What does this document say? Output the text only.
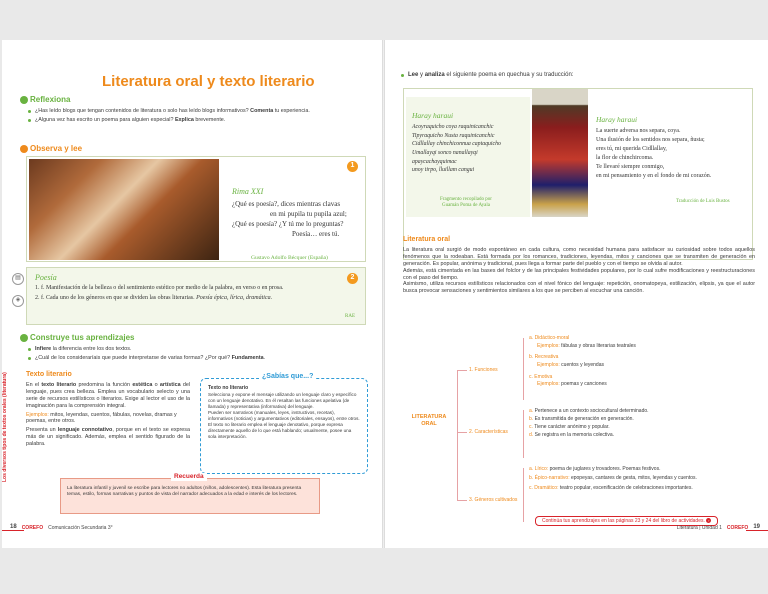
Literatura oral y texto literario
Reflexiona
¿Has leído blogs que tengan contenidos de literatura o solo has leído blogs informativos? Comenta tu experiencia.
¿Alguna vez has escrito un poema para alguien especial? Explica brevemente.
Observa y lee
1
Rima XXI
¿Qué es poesía?, dices mientras clavas
en mi pupila tu pupila azul;
¿Qué es poesía? ¿Y tú me lo preguntas?
Poesía… eres tú.
Gustavo Adolfo Bécquer (España)
▤
◈
Poesía	2
1. f. Manifestación de la belleza o del sentimiento estético por medio de la palabra, en verso o en prosa.
2. f. Cada uno de los géneros en que se dividen las obras literarias. Poesía épica, lírica, dramática.
RAE
Construye tus aprendizajes
Infiere la diferencia entre los dos textos.
¿Cuál de los consideraríais que puede interpretarse de varias formas? ¿Por qué? Fundamenta.
Texto literario

En el texto literario predomina la función estética o artística del lenguaje, pues crea belleza. Emplea un vocabulario selecto y una serie de recursos estilísticos o literarios. Exige al lector el uso de la imaginación para la comprensión integral.

Ejemplos: mitos, leyendas, cuentos, fábulas, novelas, dramas y poemas, entre otros.

Presenta un lenguaje connotativo, porque en el texto se expresa más de un significado. Además, emplea el sentido figurado de la palabra.

¿Sabías que...?
Texto no literario

Selecciona y expone el mensaje utilizando un lenguaje claro y específico con un lenguaje denotativo. En él resaltan las funciones apelativa (de llamada) y representativa (informativa) del lenguaje.

Pueden ser narrativos (manuales, leyes, instructivos, recetas), informativos (noticias) y argumentativos (editoriales, ensayos), entre otros.

El texto no literario emplea el lenguaje denotativo, porque expresa directamente aquello de lo que está hablando; usualmente, posee una sola interpretación.

Recuerda

La literatura infantil y juvenil se escribe para lectores no adultos (niños, adolescentes). Esta literatura presenta temas, estilo, formas narrativas y puntos de vista del narrador adecuados a la edad e interés de los lectores.

Los diversos tipos de textos orales (literatura)
18 COREFO Comunicación Secundaria 3°
Lee y analiza el siguiente poema en quechua y su traducción:
Haray haraui
Acoyraquicho coya raquinicanchic
Tipyraquicho Nusta raquinicanchic
Cidllallay chinchiconnua captaquicho
Umallayqi sonco nanallayqi
apaycachayquimac
unoy tirpo, lluillam cangui
Fragmento recopilado por
Guamán Poma de Ayala
Haray haraui
La suerte adversa nos separa, coya.
Una ilusión de los sentidos nos separa, ñusta;
eres tú, mi querida Cidllallay,
la flor de chinchircoma.
Te llevaré siempre conmigo,
en mi pensamiento y en el fondo de mi corazón.
Traducción de Luis Bustos
Literatura oral

La literatura oral surgió de modo espontáneo en cada cultura, como necesidad humana para satisfacer su curiosidad sobre todos aquellos fenómenos que la rodeaban. Está formada por los romances, tradiciones, leyendas, mitos y canciones que se transmiten de generación en generación. Es popular, anónima y tradicional, pues llega a formar parte del pueblo y con el tiempo se olvida al autor.

Además, está cimentada en las bases del folclor y de las principales festividades populares, por lo cual sufre modificaciones y reestructuraciones con el paso del tiempo.

Asimismo, utiliza recursos estilísticos relacionados con el nivel fónico del lenguaje: repetición, onomatopeya, estilización, elipsis, ya que el autor busca provocar sensaciones y sentimientos similares a los que se perciben al escuchar una canción.

LITERATURA ORAL
1. Funciones
a. Didáctico-moral
Ejemplos: fábulas y obras literarias teatrales
b. Recreativa
Ejemplos: cuentos y leyendas
c. Emotiva
Ejemplos: poemas y canciones
2. Características
a. Pertenece a un contexto sociocultural determinado.
b. Es transmitida de generación en generación.
c. Tiene carácter anónimo y popular.
d. Se registra en la memoria colectiva.
3. Géneros cultivados
a. Lírico: poema de juglares y trovadores. Poemas festivos.
b. Épico-narrativo: epopeyas, cantares de gesta, mitos, leyendas y cuentos.
c. Dramático: teatro popular, escenificación de celebraciones importantes.
Continúa tus aprendizajes en las páginas 23 y 24 del libro de actividades. ›
Literatura | Unidad 1 COREFO 19
